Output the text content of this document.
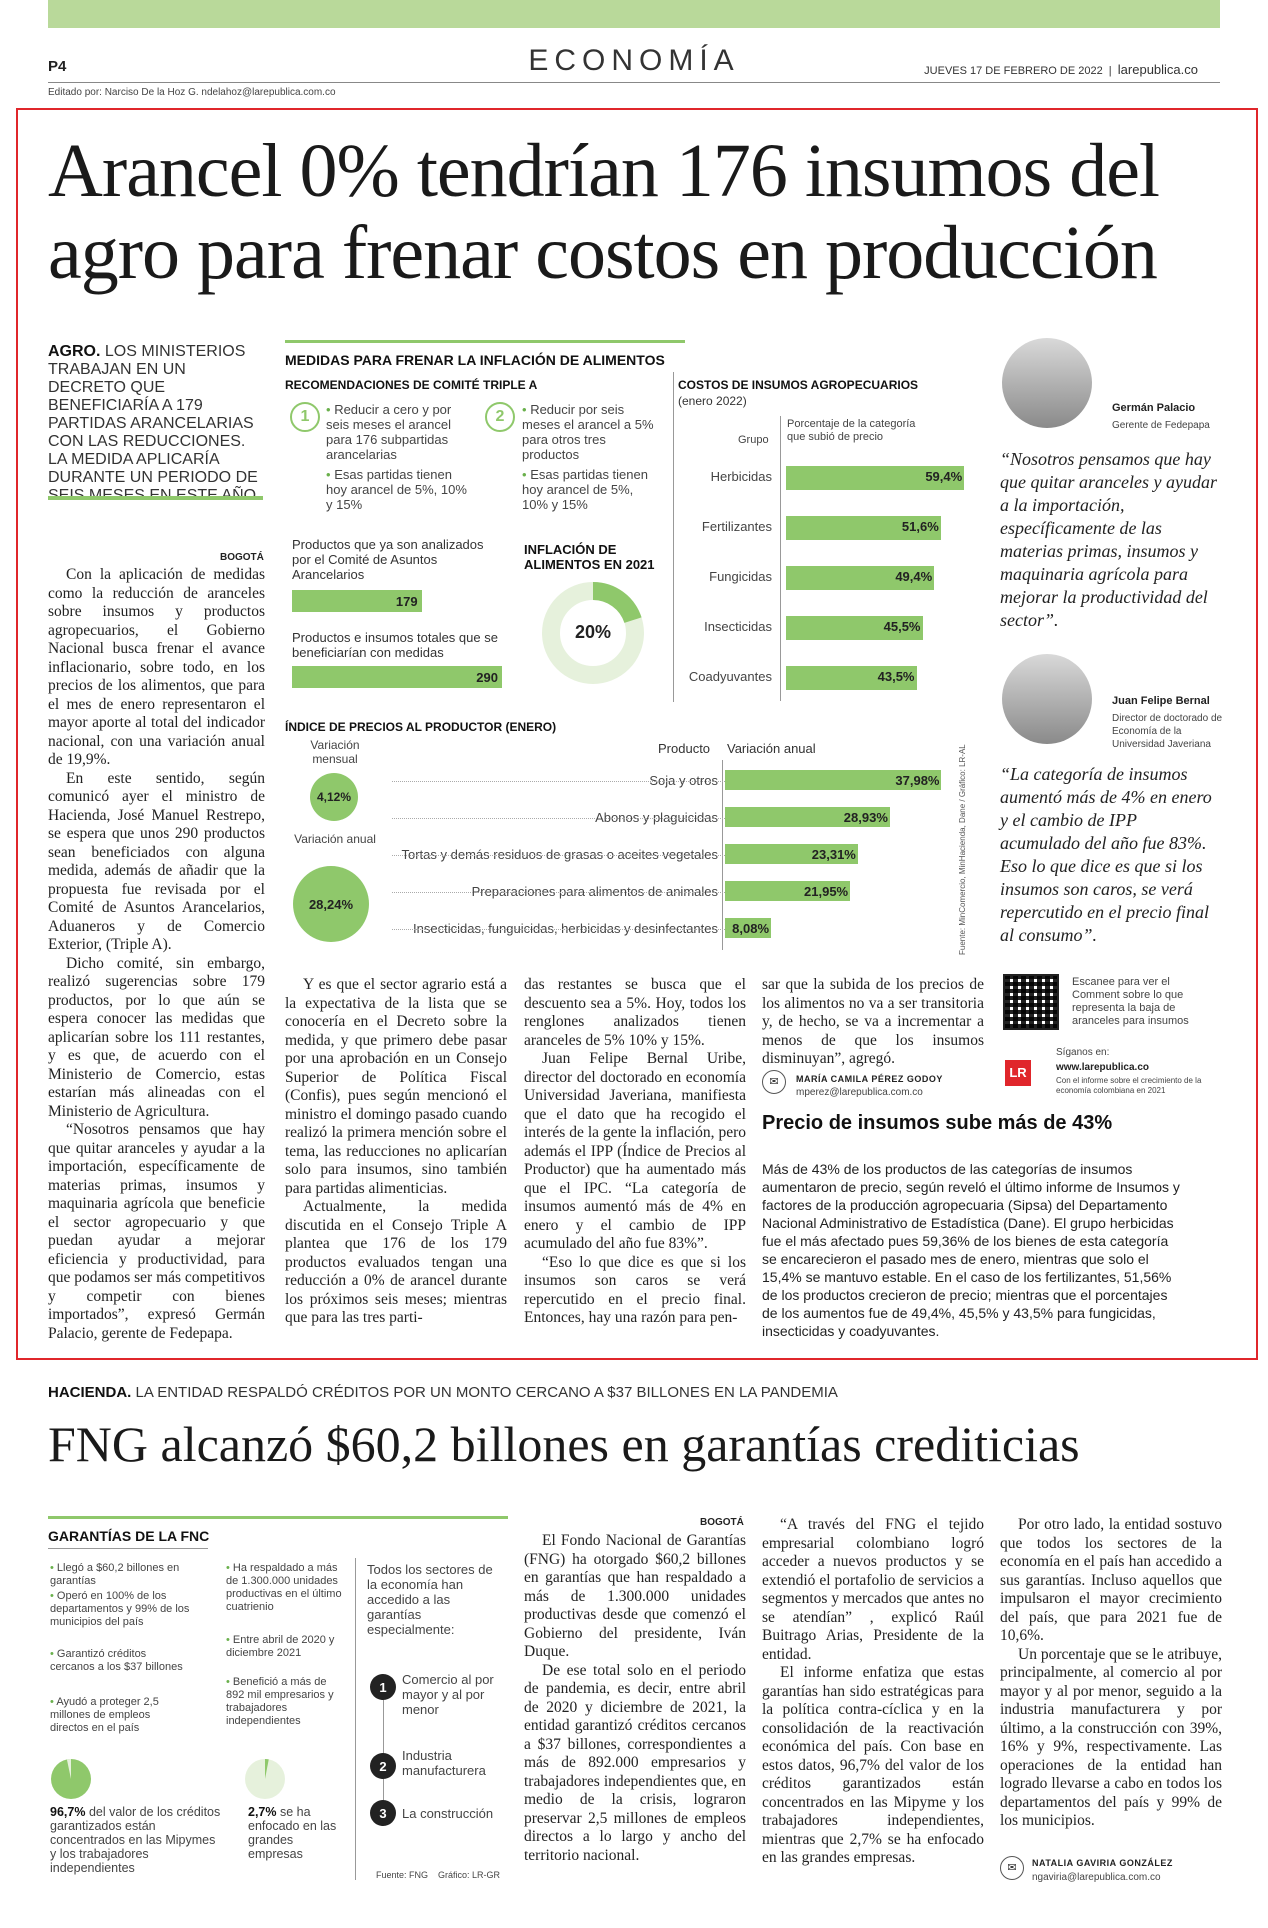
P4	ECONOMÍA	JUEVES 17 DE FEBRERO DE 2022  |  larepublica.co
Editado por: Narciso De la Hoz G. ndelahoz@larepublica.com.co
Arancel 0% tendrían 176 insumos del
agro para frenar costos en producción
AGRO. LOS MINISTERIOS TRABAJAN EN UN DECRETO QUE BENEFICIARÍA A 179 PARTIDAS ARANCELARIAS CON LAS REDUCCIONES. LA MEDIDA APLICARÍA DURANTE UN PERIODO DE
BOGOTÁ

Con la aplicación de medidas como la reducción de aranceles sobre insumos y productos agropecuarios, el Gobierno Nacional busca frenar el avance inflacionario, sobre todo, en los precios de los alimentos, que para el mes de enero representaron el mayor aporte al total del indicador nacional, con una variación anual de 19,9%.

En este sentido, según comunicó ayer el ministro de Hacienda, José Manuel Restrepo, se espera que unos 290 productos sean beneficiados con alguna medida, además de añadir que la propuesta fue revisada por el Comité de Asuntos Arancelarios, Aduaneros y de Comercio Exterior, (Triple A).

Dicho comité, sin embargo, realizó sugerencias sobre 179 productos, por lo que aún se espera conocer las medidas que aplicarían sobre los 111 restantes, y es que, de acuerdo con el Ministerio de Comercio, estas estarían más alineadas con el Ministerio de Agricultura.

“Nosotros pensamos que hay que quitar aranceles y ayudar a la importación, específicamente de materias primas, insumos y maquinaria agrícola que beneficie el sector agropecuario y que puedan ayudar a mejorar eficiencia y productividad, para que podamos ser más competitivos y competir con bienes importados”, expresó Germán Palacio, gerente de Fedepapa.

MEDIDAS PARA FRENAR LA INFLACIÓN DE ALIMENTOS
RECOMENDACIONES DE COMITÉ TRIPLE A
1	• Reducir a cero y por seis meses el arancel para 176 subpartidas arancelarias
• Esas partidas tienen hoy arancel de 5%, 10% y 15%
2	• Reducir por seis meses el arancel a 5% para otros tres productos
• Esas partidas tienen hoy arancel de 5%, 10% y 15%
Productos que ya son analizados por el Comité de Asuntos Arancelarios
179
Productos e insumos totales que se beneficiarían con medidas
290
INFLACIÓN DE ALIMENTOS EN 2021
20%
COSTOS DE INSUMOS AGROPECUARIOS
(enero 2022)
Grupo
Porcentaje de la categoría que subió de precio
Herbicidas	59,4%
Fertilizantes	51,6%
Fungicidas	49,4%
Insecticidas	45,5%
Coadyuvantes	43,5%
ÍNDICE DE PRECIOS AL PRODUCTOR (ENERO)
Variación mensual
4,12%
Variación anual
28,24%
Producto Variación anual
Soja y otros	37,98%
Abonos y plaguicidas	28,93%
Tortas y demás residuos de grasas o aceites vegetales	23,31%
Preparaciones para alimentos de animales	21,95%
Insecticidas, funguicidas, herbicidas y desinfectantes	8,08%	Fuente: MinComercio, MinHacienda, Dane / Gráfico: LR-AL

Y es que el sector agrario está a la expectativa de la lista que se conocería en el Decreto sobre la medida, y que primero debe pasar por una aprobación en un Consejo Superior de Política Fiscal (Confis), pues según mencionó el ministro el domingo pasado cuando realizó la primera mención sobre el tema, las reducciones no aplicarían solo para insumos, sino también para partidas alimenticias.

Actualmente, la medida discutida en el Consejo Triple A plantea que 176 de los 179 productos evaluados tengan una reducción a 0% de arancel durante los próximos seis meses; mientras que para las tres parti-

das restantes se busca que el descuento sea a 5%. Hoy, todos los renglones analizados tienen aranceles de 5% 10% y 15%.

Juan Felipe Bernal Uribe, director del doctorado en economía Universidad Javeriana, manifiesta que el dato que ha recogido el interés de la gente la inflación, pero además el IPP (Índice de Precios al Productor) que ha aumentado más que el IPC. “La categoría de insumos aumentó más de 4% en enero y el cambio de IPP acumulado del año fue 83%”.

“Eso lo que dice es que si los insumos son caros se verá repercutido en el precio final. Entonces, hay una razón para pen-

sar que la subida de los precios de los alimentos no va a ser transitoria y, de hecho, se va a incrementar a menos de que los insumos disminuyan”, agregó.

✉	MARÍA CAMILA PÉREZ GODOY
mperez@larepublica.com.co
Precio de insumos sube más de 43%
Más de 43% de los productos de las categorías de insumos aumentaron de precio, según reveló el último informe de Insumos y factores de la producción agropecuaria (Sipsa) del Departamento Nacional Administrativo de Estadística (Dane). El grupo herbicidas fue el más afectado pues 59,36% de los bienes de esta categoría se encarecieron el pasado mes de enero, mientras que solo el 15,4% se mantuvo estable. En el caso de los fertilizantes, 51,56% de los productos crecieron de precio; mientras que el porcentajes de los aumentos fue de 49,4%, 45,5% y 43,5% para fungicidas, insecticidas y coadyuvantes.
Germán Palacio
Gerente de Fedepapa
“Nosotros pensamos que hay que quitar aranceles y ayudar a la importación, específicamente de las materias primas, insumos y maquinaria agrícola para mejorar la productividad del sector”.
Juan Felipe Bernal
Director de doctorado de Economía de la Universidad Javeriana
“La categoría de insumos aumentó más de 4% en enero y el cambio de IPP acumulado del año fue 83%. Eso lo que dice es que si los insumos son caros, se verá repercutido en el precio final al consumo”.
Escanee para ver el Comment sobre lo que representa la baja de aranceles para insumos
Síganos en:
LR	www.larepublica.co
Con el informe sobre el crecimiento de la economía colombiana en 2021
HACIENDA. LA ENTIDAD RESPALDÓ CRÉDITOS POR UN MONTO CERCANO A $37 BILLONES EN LA PANDEMIA
FNG alcanzó $60,2 billones en garantías crediticias
GARANTÍAS DE LA FNC
• Llegó a $60,2 billones en garantías
• Operó en 100% de los departamentos y 99% de los municipios del país
• Garantizó créditos cercanos a los $37 billones
• Ayudó a proteger 2,5 millones de empleos directos en el país
• Ha respaldado a más de 1.300.000 unidades productivas en el último cuatrienio
• Entre abril de 2020 y diciembre 2021
• Benefició a más de 892 mil empresarios y trabajadores independientes
96,7% del valor de los créditos garantizados están concentrados en las Mipymes y los trabajadores independientes
2,7% se ha enfocado en las grandes empresas
Todos los sectores de la economía han accedido a las garantías especialmente:
1	Comercio al por mayor y al por menor
2
Industria manufacturera
3	La construcción
Fuente: FNG Gráfico: LR-GR
BOGOTÁ

El Fondo Nacional de Garantías (FNG) ha otorgado $60,2 billones en garantías que han respaldado a más de 1.300.000 unidades productivas desde que comenzó el Gobierno del presidente, Iván Duque.

De ese total solo en el periodo de pandemia, es decir, entre abril de 2020 y diciembre de 2021, la entidad garantizó créditos cercanos a $37 billones, correspondientes a más de 892.000 empresarios y trabajadores independientes que, en medio de la crisis, lograron preservar 2,5 millones de empleos directos a lo largo y ancho del territorio nacional.

“A través del FNG el tejido empresarial colombiano logró acceder a nuevos productos y se extendió el portafolio de servicios a segmentos y mercados que antes no se atendían” , explicó Raúl Buitrago Arias, Presidente de la entidad.

El informe enfatiza que estas garantías han sido estratégicas para la política contra-cíclica y en la consolidación de la reactivación económica del país. Con base en estos datos, 96,7% del valor de los créditos garantizados están concentrados en las Mipyme y los trabajadores independientes, mientras que 2,7% se ha enfocado en las grandes empresas.

Por otro lado, la entidad sostuvo que todos los sectores de la economía en el país han accedido a sus garantías. Incluso aquellos que impulsaron el mayor crecimiento del país, que para 2021 fue de 10,6%.

Un porcentaje que se le atribuye, principalmente, al comercio al por mayor y al por menor, seguido a la industria manufacturera y por último, a la construcción con 39%, 16% y 9%, respectivamente. Las operaciones de la entidad han logrado llevarse a cabo en todos los departamentos del país y 99% de los municipios.

✉	NATALIA GAVIRIA GONZÁLEZ
ngaviria@larepublica.com.co
